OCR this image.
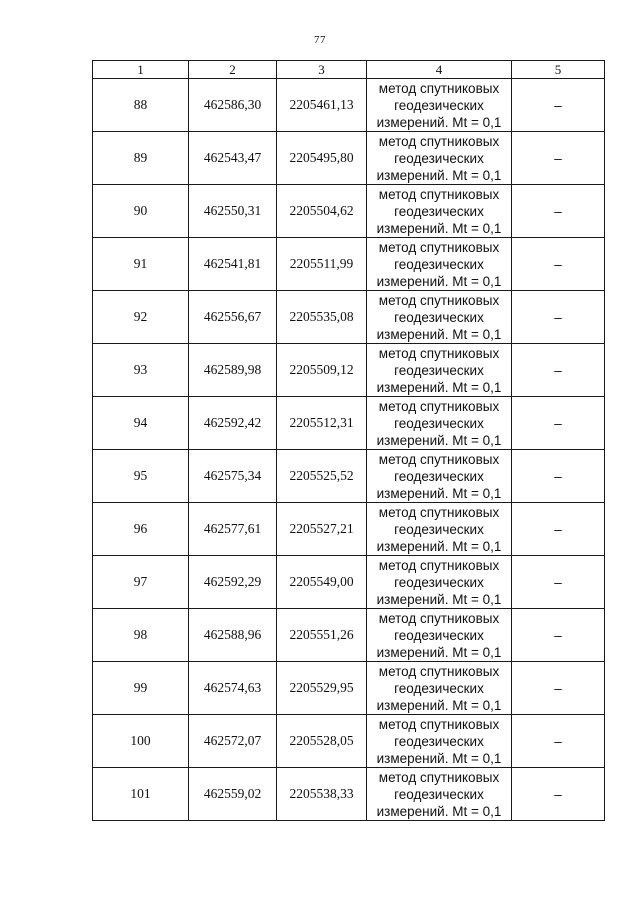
77
1	2	3	4	5
88	462586,30	2205461,13	метод спутниковых
геодезических
измерений. Mt = 0,1	–
89	462543,47	2205495,80	метод спутниковых
геодезических
измерений. Mt = 0,1	–
90	462550,31	2205504,62	метод спутниковых
геодезических
измерений. Mt = 0,1	–
91	462541,81	2205511,99	метод спутниковых
геодезических
измерений. Mt = 0,1	–
92	462556,67	2205535,08	метод спутниковых
геодезических
измерений. Mt = 0,1	–
93	462589,98	2205509,12	метод спутниковых
геодезических
измерений. Mt = 0,1	–
94	462592,42	2205512,31	метод спутниковых
геодезических
измерений. Mt = 0,1	–
95	462575,34	2205525,52	метод спутниковых
геодезических
измерений. Mt = 0,1	–
96	462577,61	2205527,21	метод спутниковых
геодезических
измерений. Mt = 0,1	–
97	462592,29	2205549,00	метод спутниковых
геодезических
измерений. Mt = 0,1	–
98	462588,96	2205551,26	метод спутниковых
геодезических
измерений. Mt = 0,1	–
99	462574,63	2205529,95	метод спутниковых
геодезических
измерений. Mt = 0,1	–
100	462572,07	2205528,05	метод спутниковых
геодезических
измерений. Mt = 0,1	–
101	462559,02	2205538,33	метод спутниковых
геодезических
измерений. Mt = 0,1	–
